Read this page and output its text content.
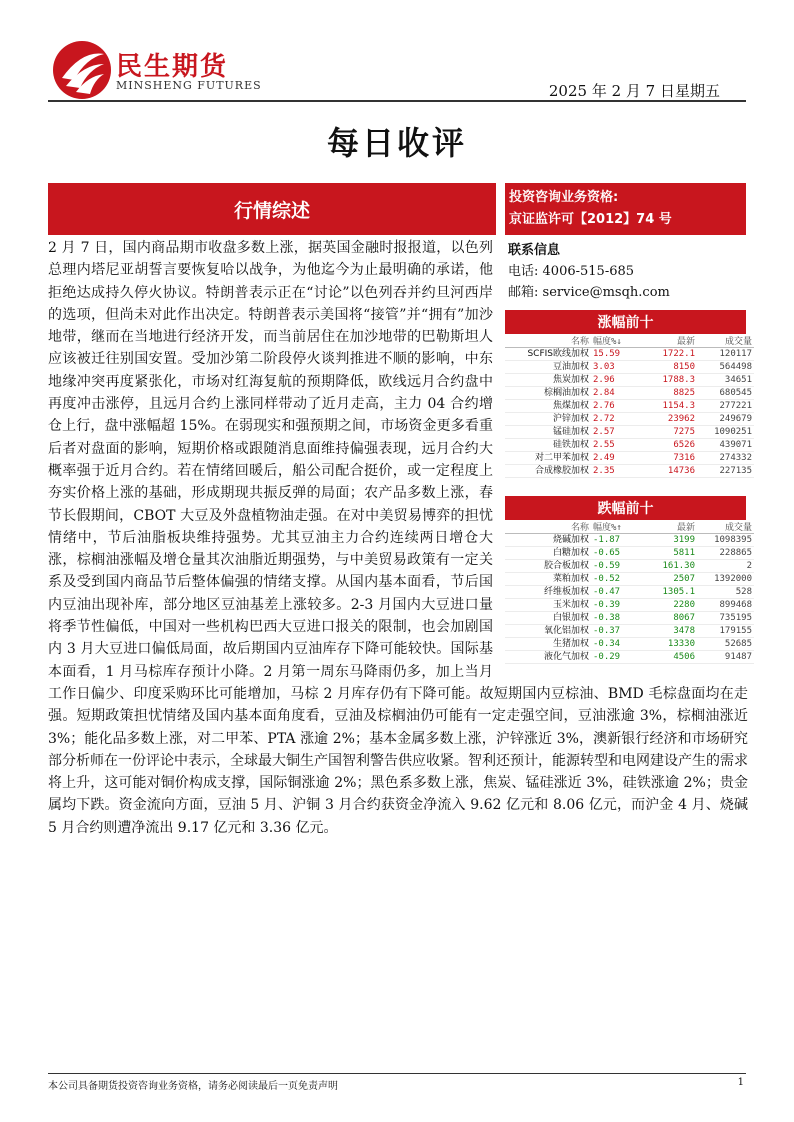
民生期货
MINSHENG FUTURES	2025 年 2 月 7 日星期五
每日收评
行情综述
投资咨询业务资格:
京证监许可【2012】74 号
联系信息
电话: 4006-515-685
邮箱: service@msqh.com
涨幅前十
名称	幅度%↓	最新	成交量
SCFIS欧线加权	15.59	1722.1	120117
豆油加权	3.03	8150	564498
焦炭加权	2.96	1788.3	34651
棕榈油加权	2.84	8825	680545
焦煤加权	2.76	1154.3	277221
沪锌加权	2.72	23962	249679
锰硅加权	2.57	7275	1090251
硅铁加权	2.55	6526	439071
对二甲苯加权	2.49	7316	274332
合成橡胶加权	2.35	14736	227135
跌幅前十
名称	幅度%↑	最新	成交量
烧碱加权	-1.87	3199	1098395
白糖加权	-0.65	5811	228865
胶合板加权	-0.59	161.30	2
菜粕加权	-0.52	2507	1392000
纤维板加权	-0.47	1305.1	528
玉米加权	-0.39	2280	899468
白银加权	-0.38	8067	735195
氧化铝加权	-0.37	3478	179155
生猪加权	-0.34	13330	52685
液化气加权	-0.29	4506	91487
2 月 7 日，国内商品期市收盘多数上涨，据英国金融时报报道，以色列总理内塔尼亚胡誓言要恢复哈以战争，为他迄今为止最明确的承诺，他拒绝达成持久停火协议。特朗普表示正在“讨论”以色列吞并约旦河西岸的选项，但尚未对此作出决定。特朗普表示美国将“接管”并“拥有”加沙地带，继而在当地进行经济开发，而当前居住在加沙地带的巴勒斯坦人应该被迁往别国安置。受加沙第二阶段停火谈判推进不顺的影响，中东地缘冲突再度紧张化，市场对红海复航的预期降低，欧线远月合约盘中再度冲击涨停，且远月合约上涨同样带动了近月走高，主力 04 合约增仓上行，盘中涨幅超 15%。在弱现实和强预期之间，市场资金更多看重后者对盘面的影响，短期价格或跟随消息面维持偏强表现，远月合约大概率强于近月合约。若在情绪回暖后，船公司配合挺价，或一定程度上夯实价格上涨的基础，形成期现共振反弹的局面；农产品多数上涨，春节长假期间，CBOT 大豆及外盘植物油走强。在对中美贸易博弈的担忧情绪中，节后油脂板块维持强势。尤其豆油主力合约连续两日增仓大涨，棕榈油涨幅及增仓量其次油脂近期强势，与中美贸易政策有一定关系及受到国内商品节后整体偏强的情绪支撑。从国内基本面看，节后国内豆油出现补库，部分地区豆油基差上涨较多。2-3 月国内大豆进口量将季节性偏低，中国对一些机构巴西大豆进口报关的限制，也会加剧国内 3 月大豆进口偏低局面，故后期国内豆油库存下降可能较快。国际基本面看，1 月马棕库存预计小降。2 月第一周东马降雨仍多，加上当月工作日偏少、印度采购环比可能增加，马棕 2 月库存仍有下降可能。故短期国内豆棕油、BMD 毛棕盘面均在走强。短期政策担忧情绪及国内基本面角度看，豆油及棕榈油仍可能有一定走强空间，豆油涨逾 3%，棕榈油涨近 3%；能化品多数上涨，对二甲苯、PTA 涨逾 2%；基本金属多数上涨，沪锌涨近 3%，澳新银行经济和市场研究部分析师在一份评论中表示，全球最大铜生产国智利警告供应收紧。智利还预计，能源转型和电网建设产生的需求将上升，这可能对铜价构成支撑，国际铜涨逾 2%；黑色系多数上涨，焦炭、锰硅涨近 3%，硅铁涨逾 2%；贵金属均下跌。资金流向方面，豆油 5 月、沪铜 3 月合约获资金净流入 9.62 亿元和 8.06 亿元，而沪金 4 月、烧碱 5 月合约则遭净流出 9.17 亿元和 3.36 亿元。
本公司具备期货投资咨询业务资格，请务必阅读最后一页免责声明	1
